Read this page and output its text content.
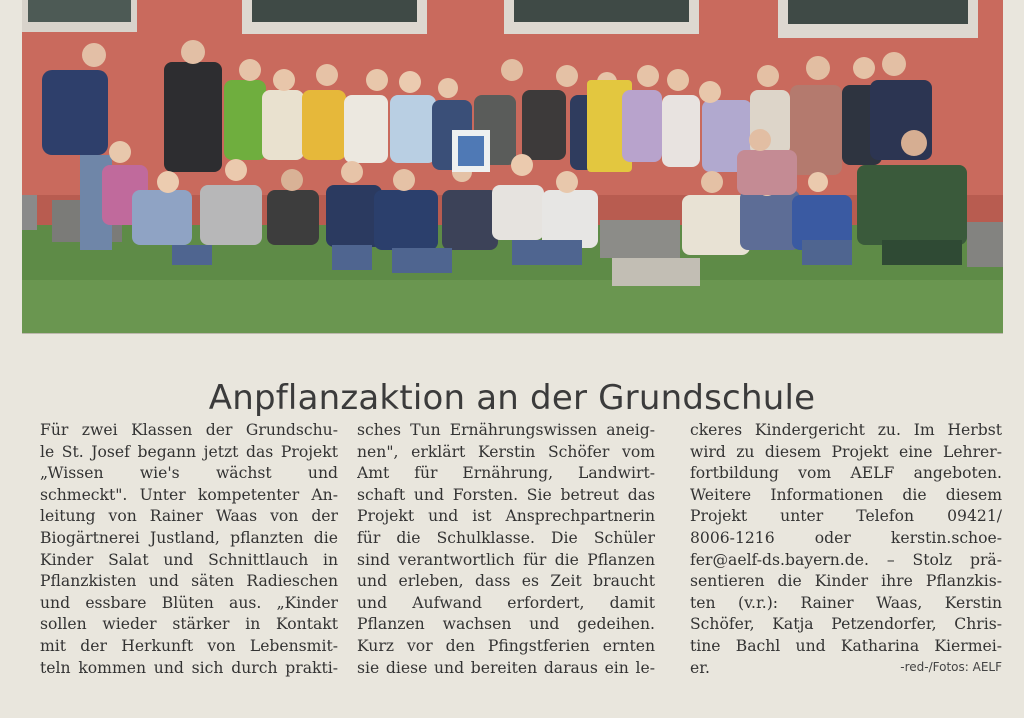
Anpflanzaktion an der Grundschule
Für zwei Klassen der Grundschu-
le St. Josef begann jetzt das Projekt
„Wissen wie's wächst und
schmeckt". Unter kompetenter An-
leitung von Rainer Waas von der
Biogärtnerei Justland, pflanzten die
Kinder Salat und Schnittlauch in
Pflanzkisten und säten Radieschen
und essbare Blüten aus. „Kinder
sollen wieder stärker in Kontakt
mit der Herkunft von Lebensmit-
teln kommen und sich durch prakti-
sches Tun Ernährungswissen aneig-
nen", erklärt Kerstin Schöfer vom
Amt für Ernährung, Landwirt-
schaft und Forsten. Sie betreut das
Projekt und ist Ansprechpartnerin
für die Schulklasse. Die Schüler
sind verantwortlich für die Pflanzen
und erleben, dass es Zeit braucht
und Aufwand erfordert, damit
Pflanzen wachsen und gedeihen.
Kurz vor den Pfingstferien ernten
sie diese und bereiten daraus ein le-
ckeres Kindergericht zu. Im Herbst
wird zu diesem Projekt eine Lehrer-
fortbildung vom AELF angeboten.
Weitere Informationen die diesem
Projekt unter Telefon 09421/
8006-1216 oder kerstin.schoe-
fer@aelf-ds.bayern.de. – Stolz prä-
sentieren die Kinder ihre Pflanzkis-
ten (v.r.): Rainer Waas, Kerstin
Schöfer, Katja Petzendorfer, Chris-
tine Bachl und Katharina Kiermei-
er.	-red-/Fotos: AELF
